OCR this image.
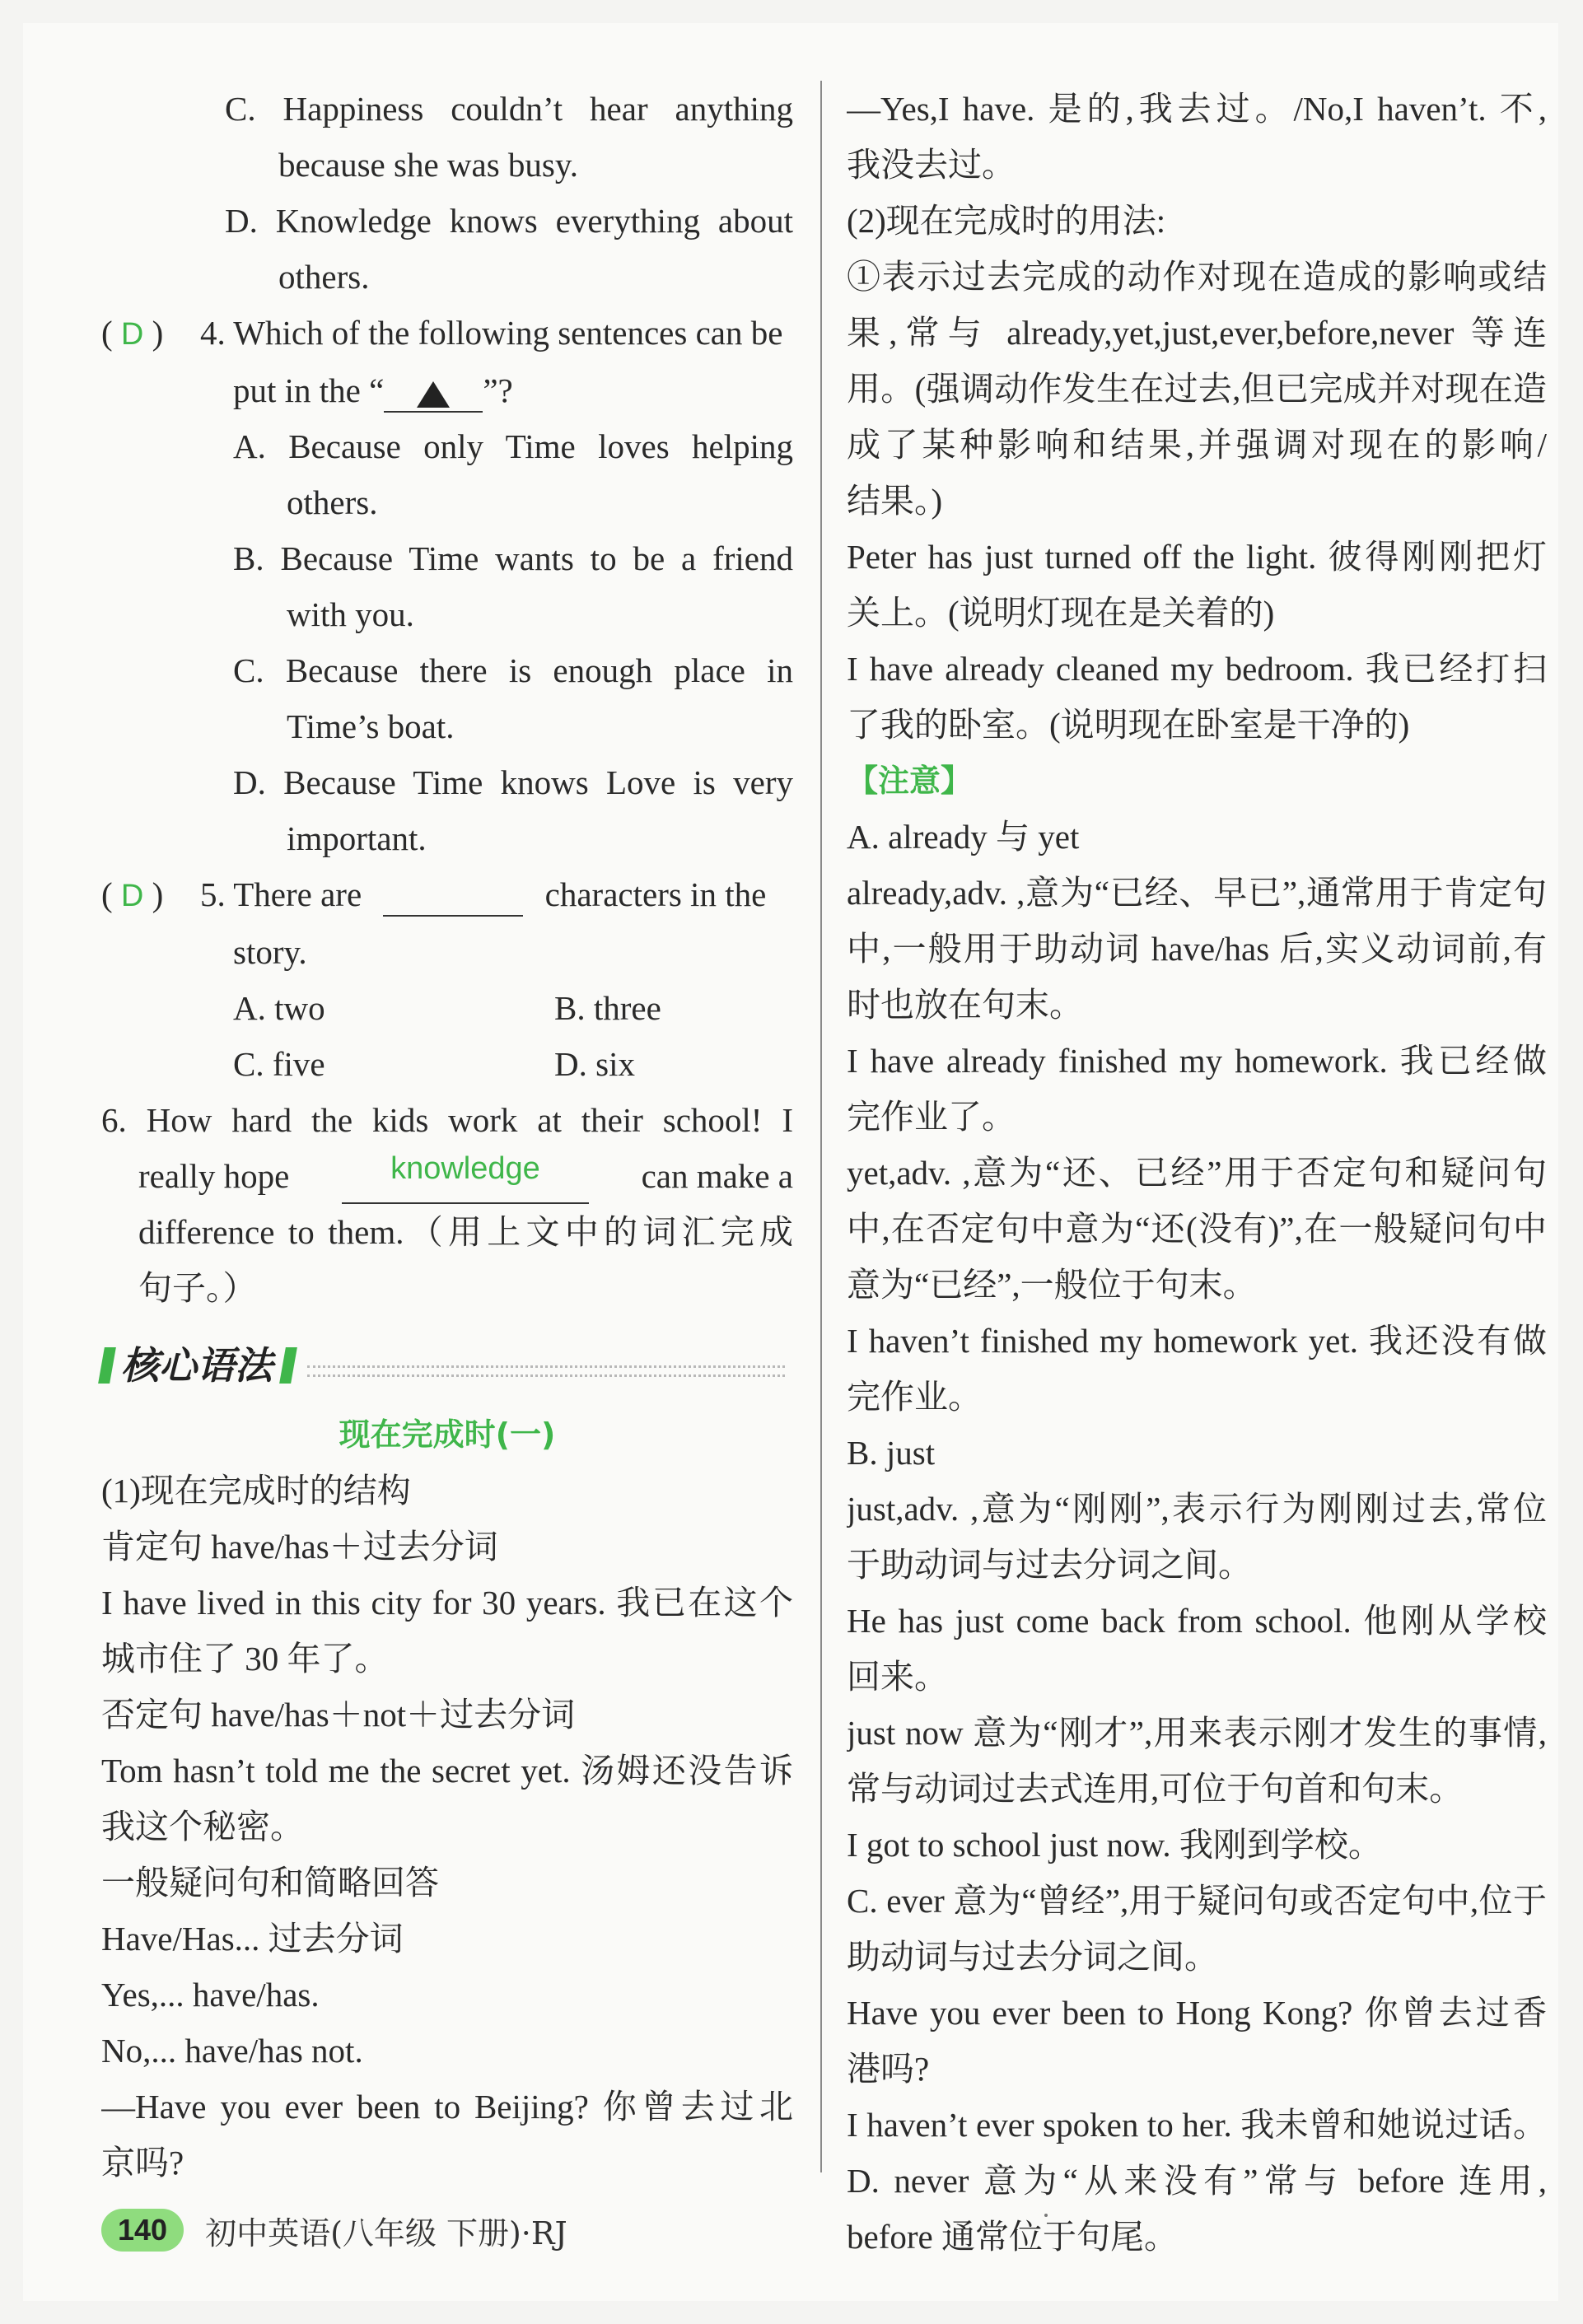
C. Happiness couldn’t hear anything
because she was busy.
D. Knowledge knows everything about
others.
( D ) 4. Which of the following sentences can be
put in the “	”?
A. Because only Time loves helping
others.
B. Because Time wants to be a friend
with you.
C. Because there is enough place in
Time’s boat.
D. Because Time knows Love is very
important.
( D ) 5. There are	characters in the
story.
A. two	B. three
C. five	D. six
6. How hard the kids work at their school! I
really hope	knowledge	can make a
difference to them.（用上文中的词汇完成
句子。）
核心语法
现在完成时(一)
(1)现在完成时的结构
肯定句 have/has＋过去分词
I have lived in this city for 30 years. 我已在这个
城市住了 30 年了。
否定句 have/has＋not＋过去分词
Tom hasn’t told me the secret yet. 汤姆还没告诉
我这个秘密。
一般疑问句和简略回答
Have/Has... 过去分词
Yes,... have/has.
No,... have/has not.
—Have you ever been to Beijing? 你曾去过北
京吗?
—Yes,I have. 是的,我去过。/No,I haven’t. 不,
我没去过。
(2)现在完成时的用法:
①表示过去完成的动作对现在造成的影响或结
果,常与 already,yet,just,ever,before,never 等连
用。(强调动作发生在过去,但已完成并对现在造
成了某种影响和结果,并强调对现在的影响/
结果。)
Peter has just turned off the light. 彼得刚刚把灯
关上。(说明灯现在是关着的)
I have already cleaned my bedroom. 我已经打扫
了我的卧室。(说明现在卧室是干净的)
【注意】
A. already 与 yet
already,adv. ,意为“已经、早已”,通常用于肯定句
中,一般用于助动词 have/has 后,实义动词前,有
时也放在句末。
I have already finished my homework. 我已经做
完作业了。
yet,adv. ,意为“还、已经”用于否定句和疑问句
中,在否定句中意为“还(没有)”,在一般疑问句中
意为“已经”,一般位于句末。
I haven’t finished my homework yet. 我还没有做
完作业。
B. just
just,adv. ,意为“刚刚”,表示行为刚刚过去,常位
于助动词与过去分词之间。
He has just come back from school. 他刚从学校
回来。
just now 意为“刚才”,用来表示刚才发生的事情,
常与动词过去式连用,可位于句首和句末。
I got to school just now. 我刚到学校。
C. ever 意为“曾经”,用于疑问句或否定句中,位于
助动词与过去分词之间。
Have you ever been to Hong Kong? 你曾去过香
港吗?
I haven’t ever spoken to her. 我未曾和她说过话。
D. never 意为“从来没有”常与 before 连用,
before 通常位于句尾。
140	初中英语(八年级 下册)·RJ
